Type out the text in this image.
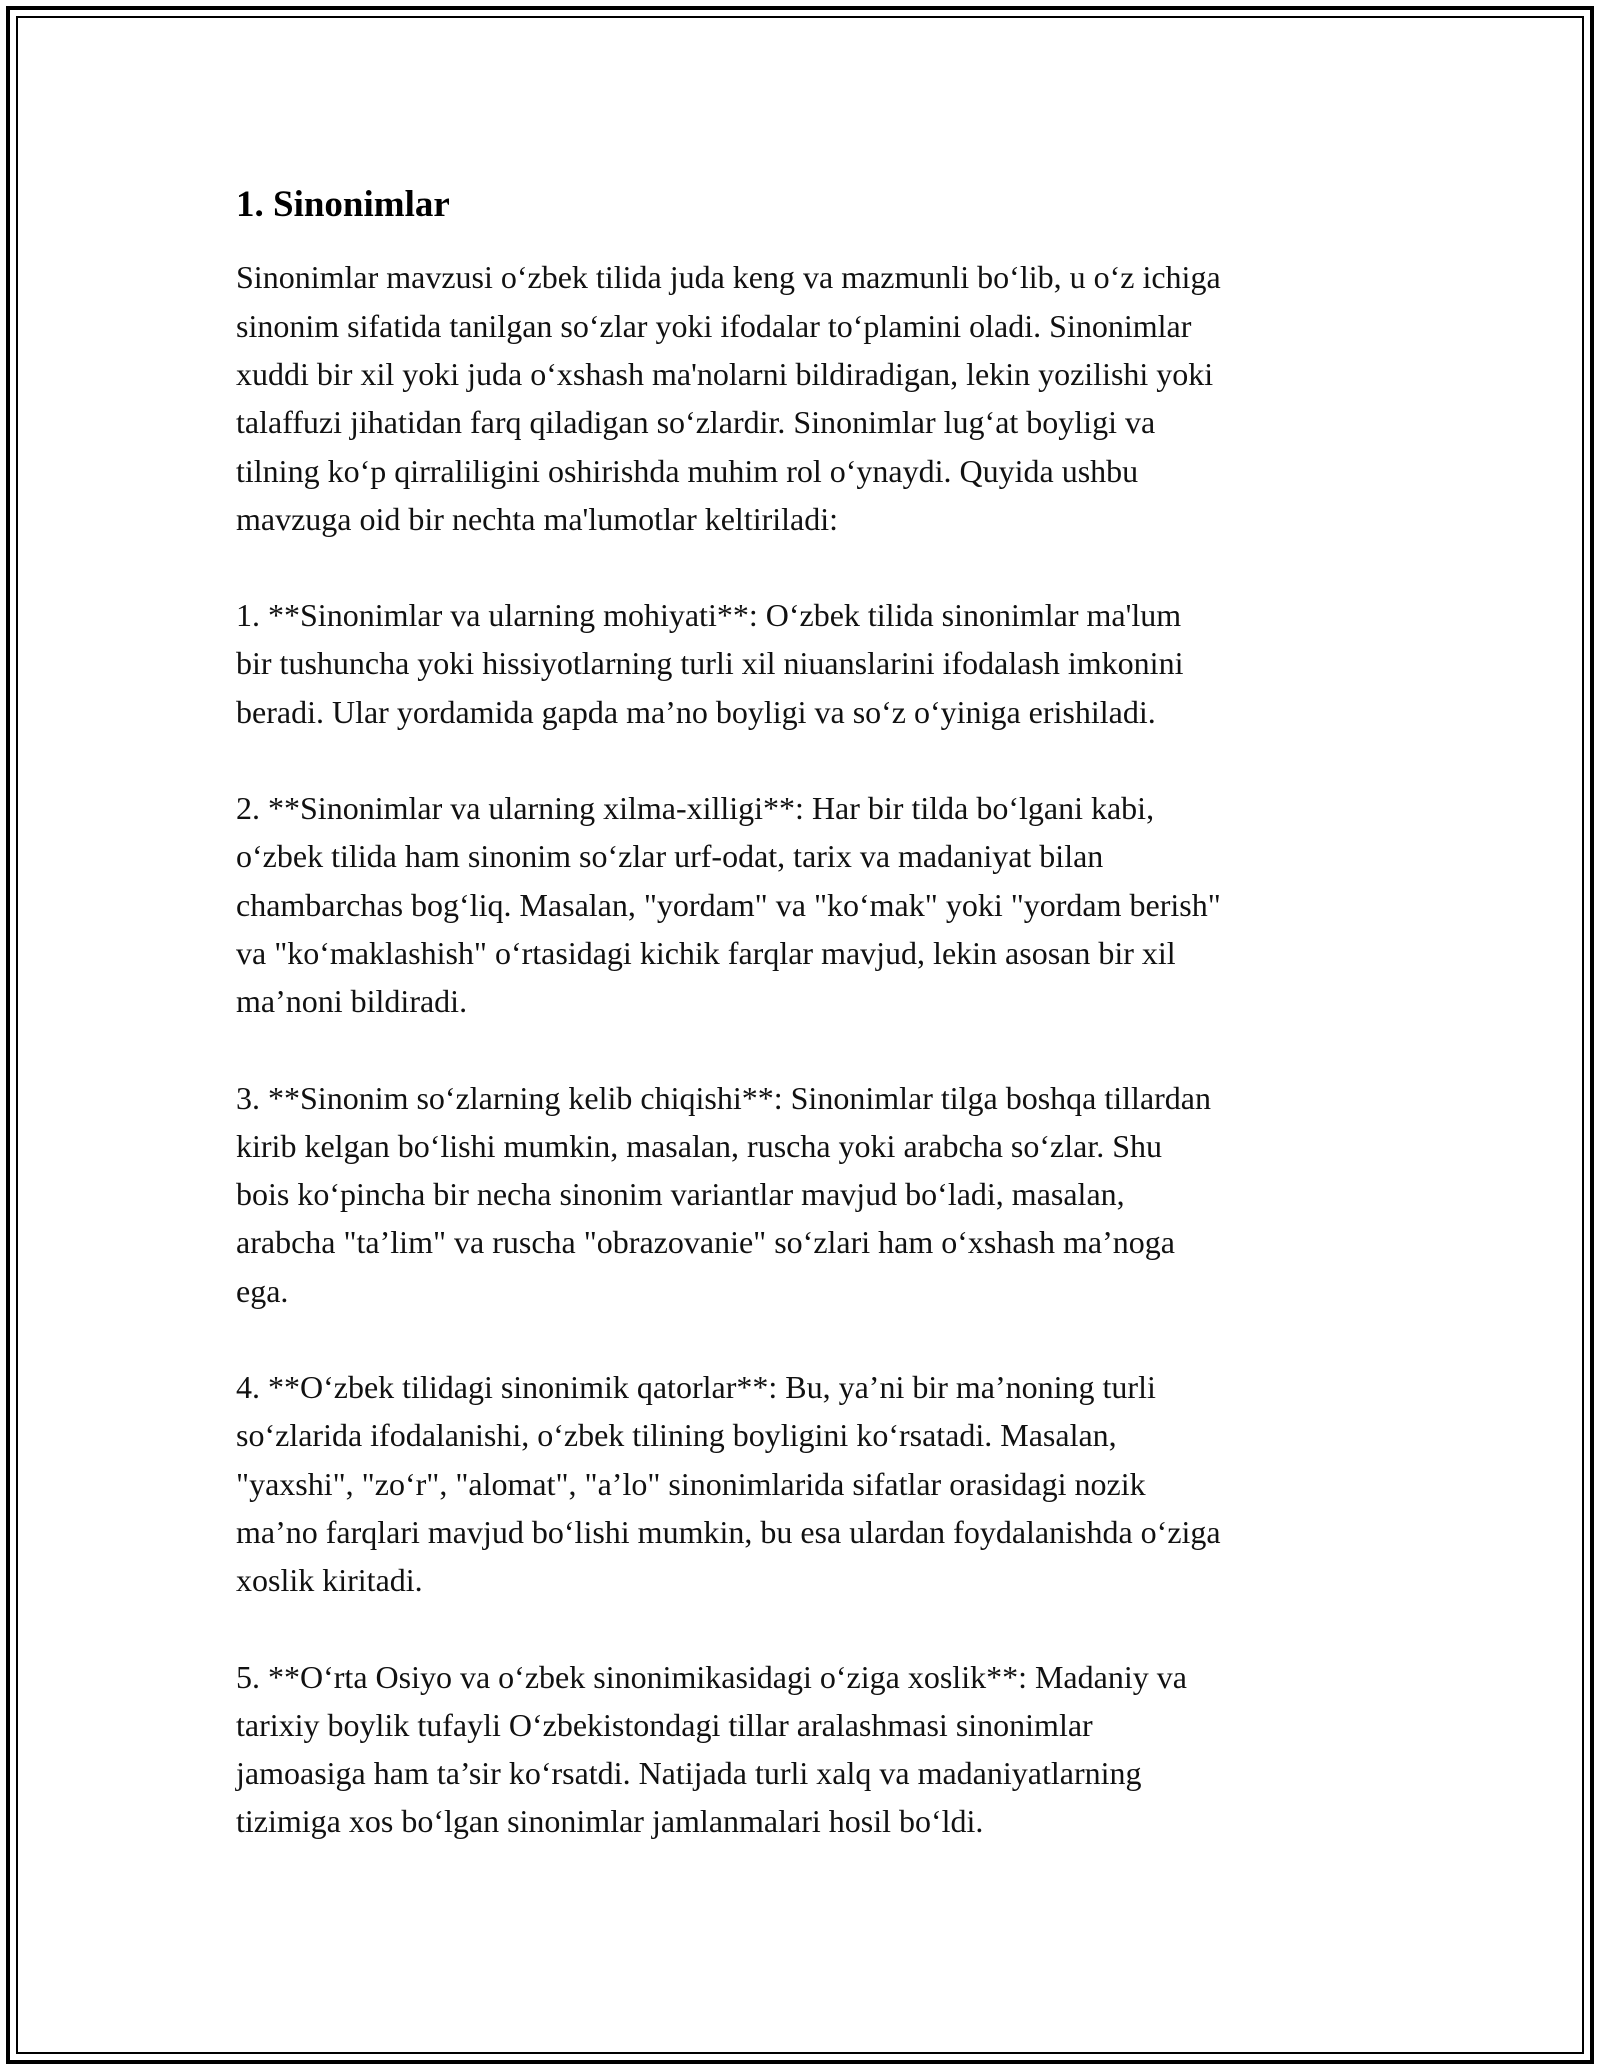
1. Sinonimlar

Sinonimlar mavzusi o‘zbek tilida juda keng va mazmunli bo‘lib, u o‘z ichiga
sinonim sifatida tanilgan so‘zlar yoki ifodalar to‘plamini oladi. Sinonimlar
xuddi bir xil yoki juda o‘xshash ma'nolarni bildiradigan, lekin yozilishi yoki
talaffuzi jihatidan farq qiladigan so‘zlardir. Sinonimlar lug‘at boyligi va
tilning ko‘p qirraliligini oshirishda muhim rol o‘ynaydi. Quyida ushbu
mavzuga oid bir nechta ma'lumotlar keltiriladi:

1. **Sinonimlar va ularning mohiyati**: O‘zbek tilida sinonimlar ma'lum
bir tushuncha yoki hissiyotlarning turli xil niuanslarini ifodalash imkonini
beradi. Ular yordamida gapda ma’no boyligi va so‘z o‘yiniga erishiladi.

2. **Sinonimlar va ularning xilma-xilligi**: Har bir tilda bo‘lgani kabi,
o‘zbek tilida ham sinonim so‘zlar urf-odat, tarix va madaniyat bilan
chambarchas bog‘liq. Masalan, "yordam" va "ko‘mak" yoki "yordam berish"
va "ko‘maklashish" o‘rtasidagi kichik farqlar mavjud, lekin asosan bir xil
ma’noni bildiradi.

3. **Sinonim so‘zlarning kelib chiqishi**: Sinonimlar tilga boshqa tillardan
kirib kelgan bo‘lishi mumkin, masalan, ruscha yoki arabcha so‘zlar. Shu
bois ko‘pincha bir necha sinonim variantlar mavjud bo‘ladi, masalan,
arabcha "ta’lim" va ruscha "obrazovanie" so‘zlari ham o‘xshash ma’noga
ega.

4. **O‘zbek tilidagi sinonimik qatorlar**: Bu, ya’ni bir ma’noning turli
so‘zlarida ifodalanishi, o‘zbek tilining boyligini ko‘rsatadi. Masalan,
"yaxshi", "zo‘r", "alomat", "a’lo" sinonimlarida sifatlar orasidagi nozik
ma’no farqlari mavjud bo‘lishi mumkin, bu esa ulardan foydalanishda o‘ziga
xoslik kiritadi.

5. **O‘rta Osiyo va o‘zbek sinonimikasidagi o‘ziga xoslik**: Madaniy va
tarixiy boylik tufayli O‘zbekistondagi tillar aralashmasi sinonimlar
jamoasiga ham ta’sir ko‘rsatdi. Natijada turli xalq va madaniyatlarning
tizimiga xos bo‘lgan sinonimlar jamlanmalari hosil bo‘ldi.
